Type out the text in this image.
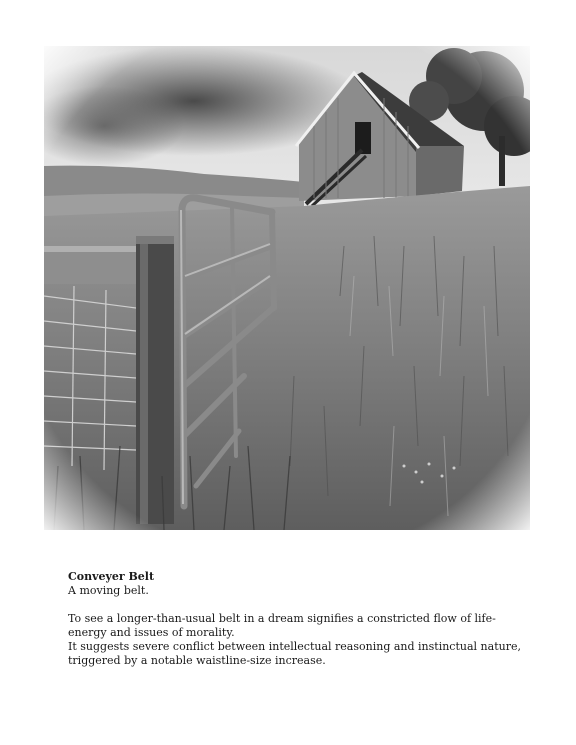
Conveyer Belt

A moving belt.

To see a longer-than-usual belt in a dream signifies a constricted flow of life-

energy and issues of morality.

It suggests severe conflict between intellectual reasoning and instinctual nature,

triggered by a notable waistline-size increase.
